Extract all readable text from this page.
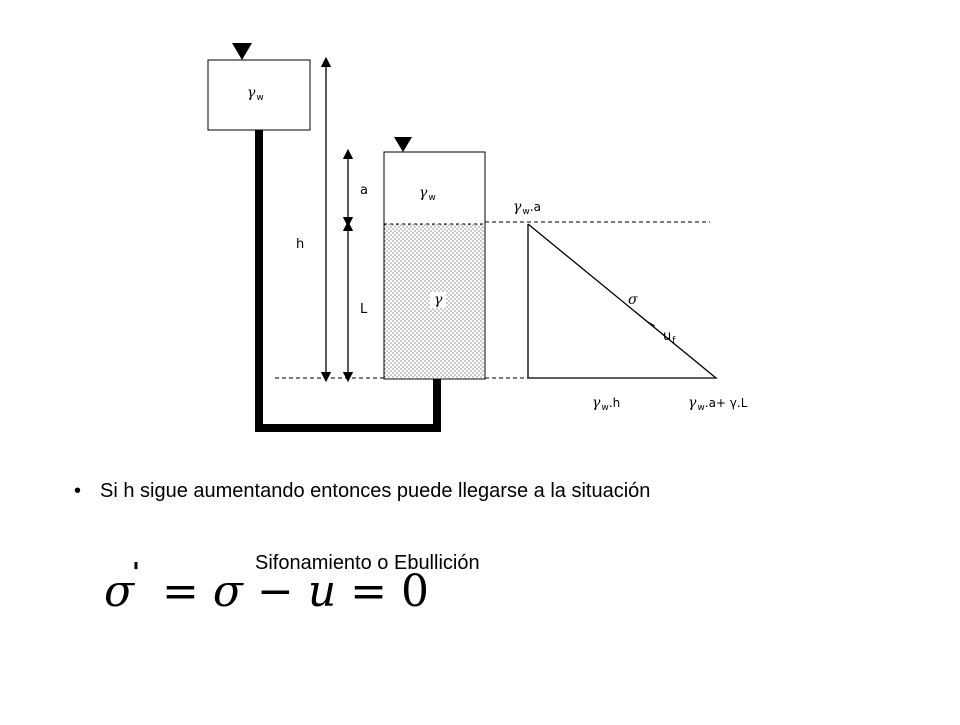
$\gamma_w$
$\gamma_w$
γ
a
h
L
σ
$u_f$
$\gamma_w.a$
$\gamma_w.h$	$\gamma_w.a+ \gamma.L$
• Si h sigue aumentando entonces puede llegarse a la situación
Sifonamiento o Ebullición
'
σ = σ − u = 0
